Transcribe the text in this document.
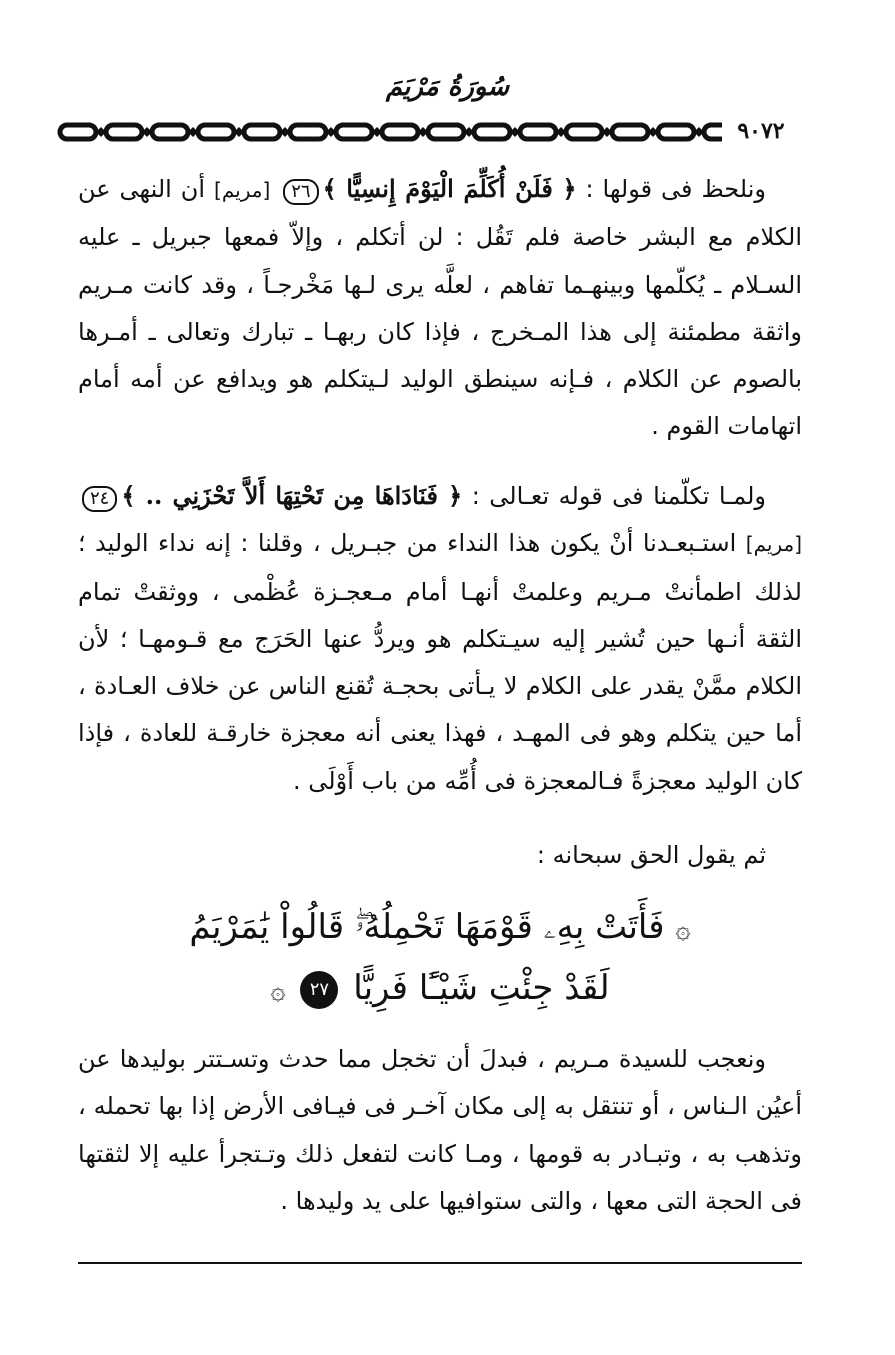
سُورَةُ مَرْيَمَ
٩٠٧٢
ونلحظ فى قولها : ﴿ فَلَنْ أُكَلِّمَ الْيَوْمَ إِنسِيًّا ﴾٢٦ [مريم] أن النهى عن الكلام مع البشر خاصة فلم تَقُل : لن أتكلم ، وإلاّ فمعها جبريل ـ عليه السـلام ـ يُكلّمها وبينهـما تفاهم ، لعلَّه يرى لـها مَخْرجـاً ، وقد كانت مـريم واثقة مطمئنة إلى هذا المـخرج ، فإذا كان ربهـا ـ تبارك وتعالى ـ أمـرها بالصوم عن الكلام ، فـإنه سينطق الوليد لـيتكلم هو ويدافع عن أمه أمام اتهامات القوم .
ولمـا تكلّمنا فى قوله تعـالى : ﴿ فَنَادَاهَا مِن تَحْتِهَا أَلاَّ تَحْزَنِي .. ﴾٢٤ [مريم] استـبعـدنا أنْ يكون هذا النداء من جبـريل ، وقلنا : إنه نداء الوليد ؛ لذلك اطمأنتْ مـريم وعلمتْ أنهـا أمام مـعجـزة عُظْمى ، ووثقتْ تمام الثقة أنـها حين تُشير إليه سيـتكلم هو ويردُّ عنها الحَرَج مع قـومهـا ؛ لأن الكلام ممَّنْ يقدر على الكلام لا يـأتى بحجـة تُقنع الناس عن خلاف العـادة ، أما حين يتكلم وهو فى المهـد ، فهذا يعنى أنه معجزة خارقـة للعادة ، فإذا كان الوليد معجزةً فـالمعجزة فى أُمِّه من باب أَوْلَى .
ثم يقول الحق سبحانه :
۞ فَأَتَتْ بِهِۦ قَوْمَهَا تَحْمِلُهُۥۖ قَالُواْ يَٰمَرْيَمُ
لَقَدْ جِئْتِ شَيْـًٔا فَرِيًّا ٢٧ ۞
ونعجب للسيدة مـريم ، فبدلَ أن تخجل مما حدث وتسـتتر بوليدها عن أعيُن الـناس ، أو تنتقل به إلى مكان آخـر فى فيـافى الأرض إذا بها تحمله ، وتذهب به ، وتبـادر به قومها ، ومـا كانت لتفعل ذلك وتـتجرأ عليه إلا لثقتها فى الحجة التى معها ، والتى ستوافيها على يد وليدها .
